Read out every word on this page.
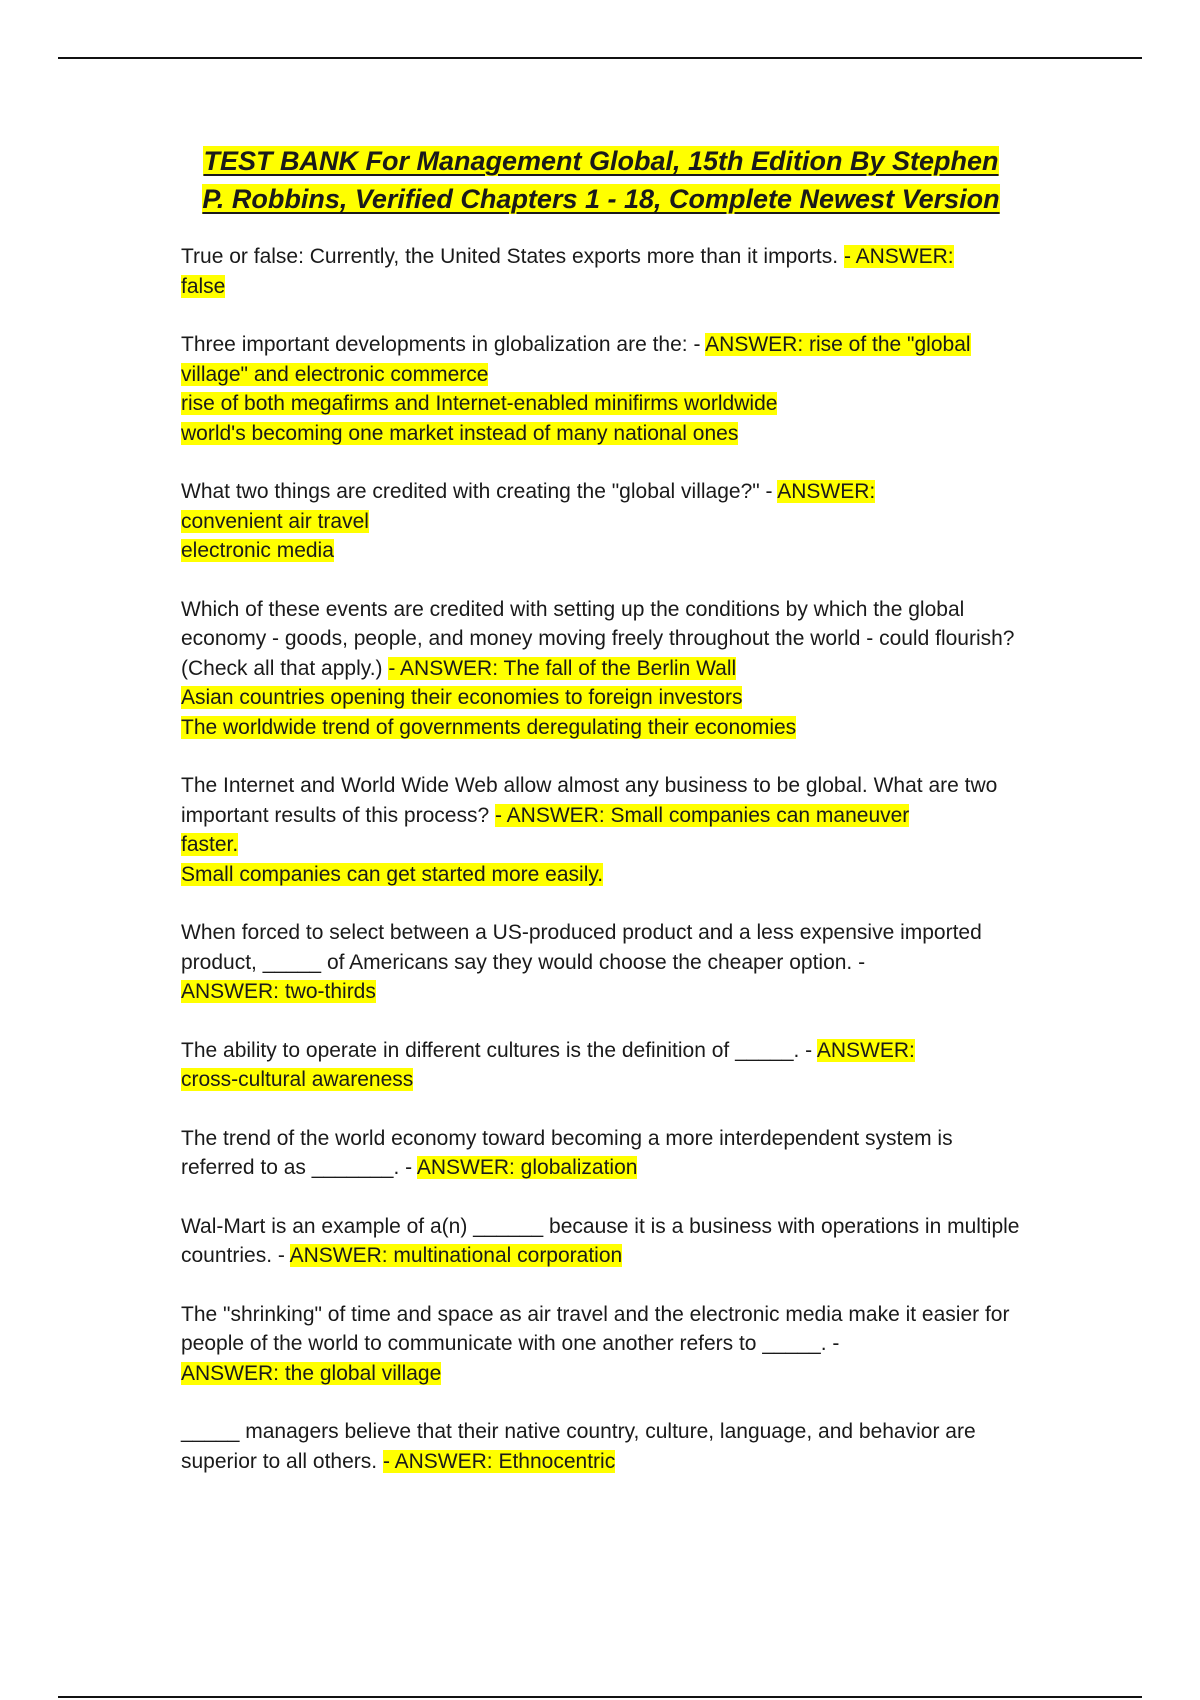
TEST BANK For Management Global, 15th Edition By Stephen
P. Robbins, Verified Chapters 1 - 18, Complete Newest Version
True or false: Currently, the United States exports more than it imports. - ANSWER:
false
Three important developments in globalization are the: - ANSWER: rise of the "global
village" and electronic commerce
rise of both megafirms and Internet-enabled minifirms worldwide
world's becoming one market instead of many national ones
What two things are credited with creating the "global village?" - ANSWER:
convenient air travel
electronic media
Which of these events are credited with setting up the conditions by which the global economy - goods, people, and money moving freely throughout the world - could flourish? (Check all that apply.) - ANSWER: The fall of the Berlin Wall
Asian countries opening their economies to foreign investors
The worldwide trend of governments deregulating their economies
The Internet and World Wide Web allow almost any business to be global. What are two important results of this process? - ANSWER: Small companies can maneuver
faster.
Small companies can get started more easily.
When forced to select between a US-produced product and a less expensive imported product, _____ of Americans say they would choose the cheaper option. -
ANSWER: two-thirds
The ability to operate in different cultures is the definition of _____. - ANSWER:
cross-cultural awareness
The trend of the world economy toward becoming a more interdependent system is referred to as _______. - ANSWER: globalization
Wal-Mart is an example of a(n) ______ because it is a business with operations in multiple countries. - ANSWER: multinational corporation
The "shrinking" of time and space as air travel and the electronic media make it easier for people of the world to communicate with one another refers to _____. -
ANSWER: the global village
_____ managers believe that their native country, culture, language, and behavior are superior to all others. - ANSWER: Ethnocentric
